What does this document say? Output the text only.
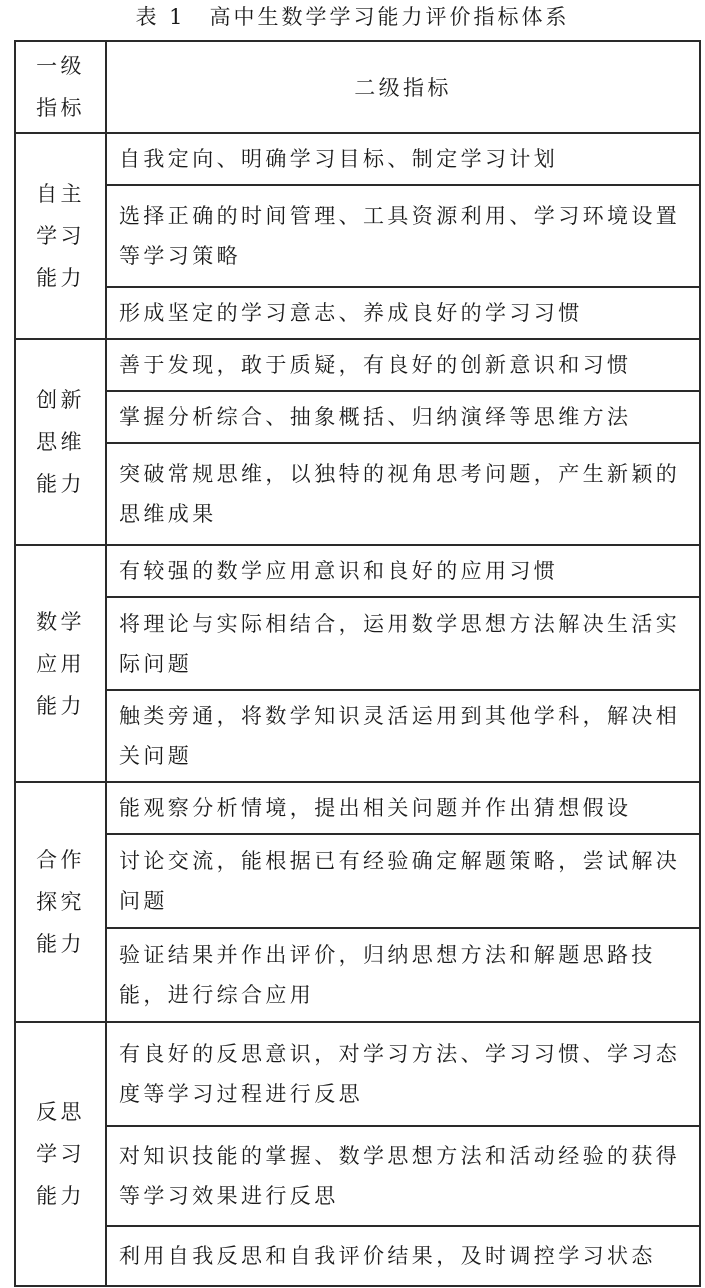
表 1　高中生数学学习能力评价指标体系
一级
指标	二级指标

自主
学习
能力	自我定向、明确学习目标、制定学习计划
	选择正确的时间管理、工具资源利用、学习环境设置等学习策略
	形成坚定的学习意志、养成良好的学习习惯

创新
思维
能力	善于发现，敢于质疑，有良好的创新意识和习惯
	掌握分析综合、抽象概括、归纳演绎等思维方法
	突破常规思维，以独特的视角思考问题，产生新颖的思维成果

数学
应用
能力	有较强的数学应用意识和良好的应用习惯
	将理论与实际相结合，运用数学思想方法解决生活实际问题
	触类旁通，将数学知识灵活运用到其他学科，解决相关问题

合作
探究
能力	能观察分析情境，提出相关问题并作出猜想假设
	讨论交流，能根据已有经验确定解题策略，尝试解决问题
	验证结果并作出评价，归纳思想方法和解题思路技能，进行综合应用

反思
学习
能力	有良好的反思意识，对学习方法、学习习惯、学习态度等学习过程进行反思
	对知识技能的掌握、数学思想方法和活动经验的获得等学习效果进行反思
	利用自我反思和自我评价结果，及时调控学习状态
